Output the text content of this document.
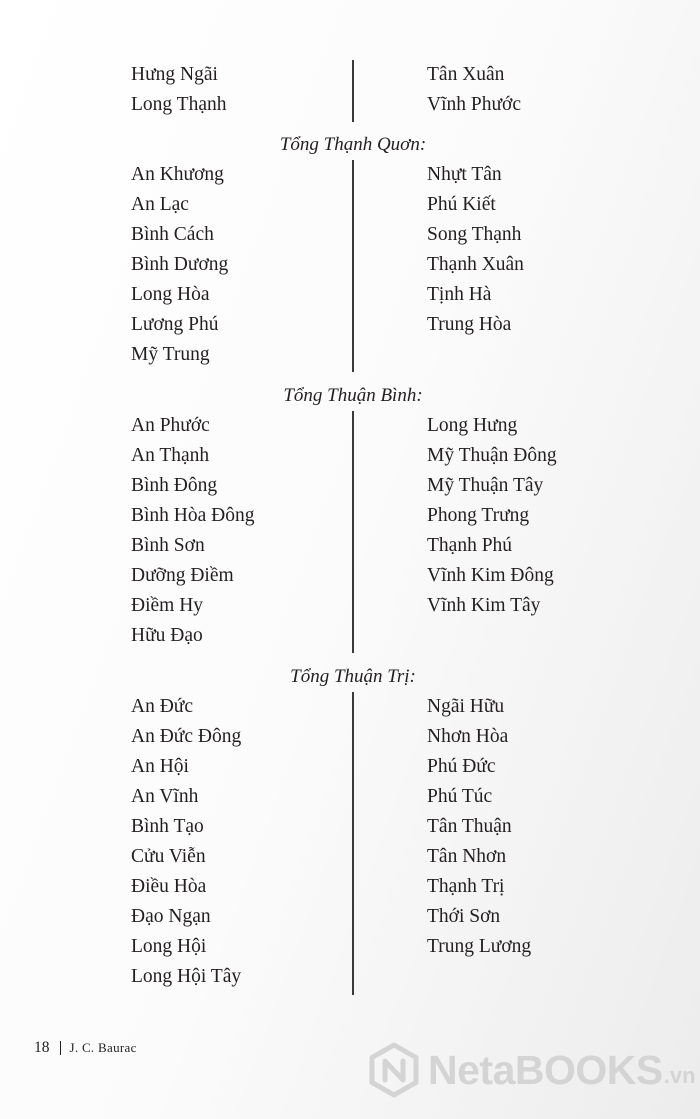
Hưng Ngãi
Long Thạnh
Tân Xuân
Vĩnh Phước
Tổng Thạnh Quơn:
An Khương
An Lạc
Bình Cách
Bình Dương
Long Hòa
Lương Phú
Mỹ Trung
Nhựt Tân
Phú Kiết
Song Thạnh
Thạnh Xuân
Tịnh Hà
Trung Hòa
Tổng Thuận Bình:
An Phước
An Thạnh
Bình Đông
Bình Hòa Đông
Bình Sơn
Dưỡng Điềm
Điềm Hy
Hữu Đạo
Long Hưng
Mỹ Thuận Đông
Mỹ Thuận Tây
Phong Trưng
Thạnh Phú
Vĩnh Kim Đông
Vĩnh Kim Tây
Tổng Thuận Trị:
An Đức
An Đức Đông
An Hội
An Vĩnh
Bình Tạo
Cửu Viễn
Điều Hòa
Đạo Ngạn
Long Hội
Long Hội Tây
Ngãi Hữu
Nhơn Hòa
Phú Đức
Phú Túc
Tân Thuận
Tân Nhơn
Thạnh Trị
Thới Sơn
Trung Lương
18 J. C. Baurac	NetaBOOKS .vn
